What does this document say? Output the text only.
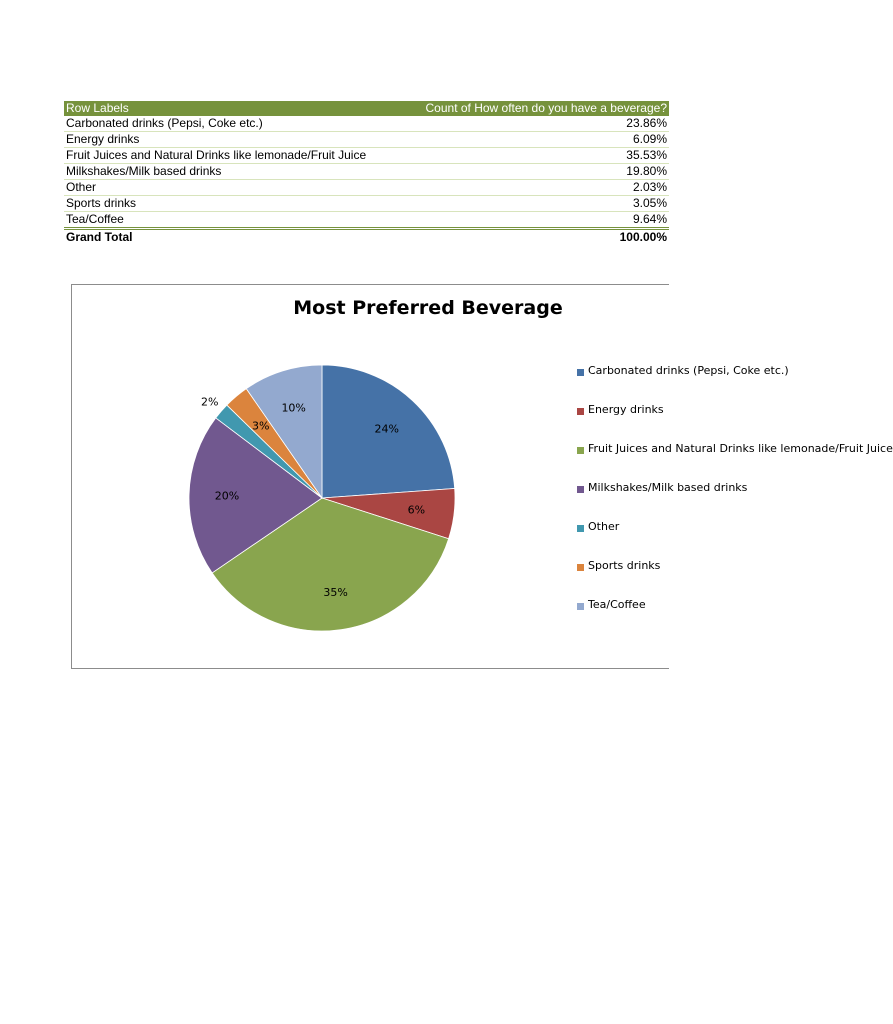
Row Labels	Count of How often do you have a beverage?
Carbonated drinks (Pepsi, Coke etc.)	23.86%
Energy drinks	6.09%
Fruit Juices and Natural Drinks like lemonade/Fruit Juice	35.53%
Milkshakes/Milk based drinks	19.80%
Other	2.03%
Sports drinks	3.05%
Tea/Coffee	9.64%
Grand Total	100.00%
Most Preferred Beverage
24%
6%
35%
20%
2%
3%
10%
Carbonated drinks (Pepsi, Coke etc.)
Energy drinks
Fruit Juices and Natural Drinks like lemonade/Fruit Juice
Milkshakes/Milk based drinks
Other
Sports drinks
Tea/Coffee
